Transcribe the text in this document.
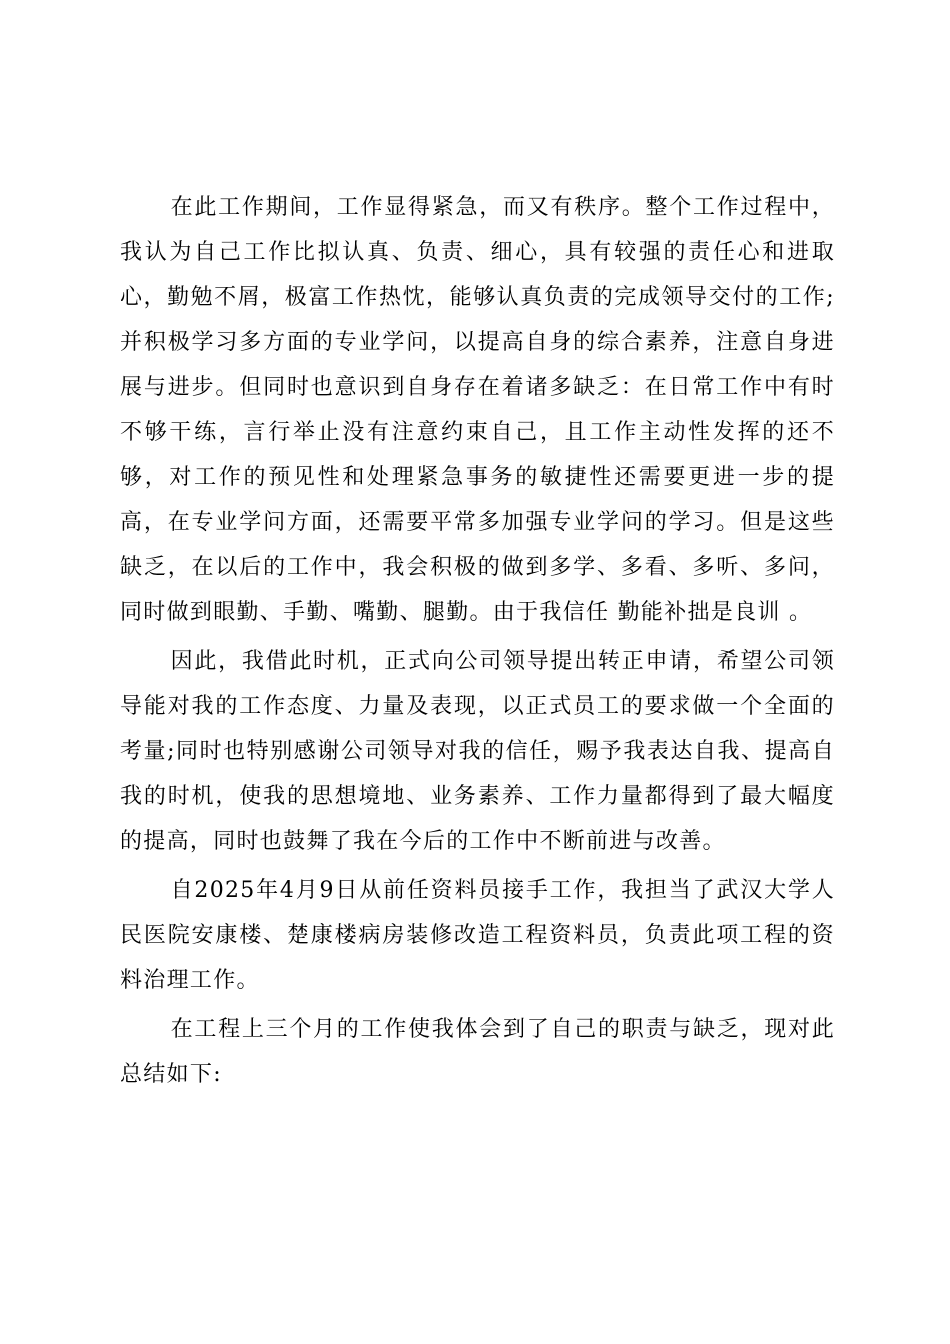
在此工作期间，工作显得紧急，而又有秩序。整个工作过程中，我认为自己工作比拟认真、负责、细心，具有较强的责任心和进取心，勤勉不屑，极富工作热忱，能够认真负责的完成领导交付的工作;并积极学习多方面的专业学问，以提高自身的综合素养，注意自身进展与进步。但同时也意识到自身存在着诸多缺乏：在日常工作中有时不够干练，言行举止没有注意约束自己，且工作主动性发挥的还不够，对工作的预见性和处理紧急事务的敏捷性还需要更进一步的提高，在专业学问方面，还需要平常多加强专业学问的学习。但是这些缺乏，在以后的工作中，我会积极的做到多学、多看、多听、多问，同时做到眼勤、手勤、嘴勤、腿勤。由于我信任 勤能补拙是良训 。

因此，我借此时机，正式向公司领导提出转正申请，希望公司领导能对我的工作态度、力量及表现，以正式员工的要求做一个全面的考量;同时也特别感谢公司领导对我的信任，赐予我表达自我、提高自我的时机，使我的思想境地、业务素养、工作力量都得到了最大幅度的提高，同时也鼓舞了我在今后的工作中不断前进与改善。

自2025年4月9日从前任资料员接手工作，我担当了武汉大学人民医院安康楼、楚康楼病房装修改造工程资料员，负责此项工程的资料治理工作。

在工程上三个月的工作使我体会到了自己的职责与缺乏，现对此总结如下:
